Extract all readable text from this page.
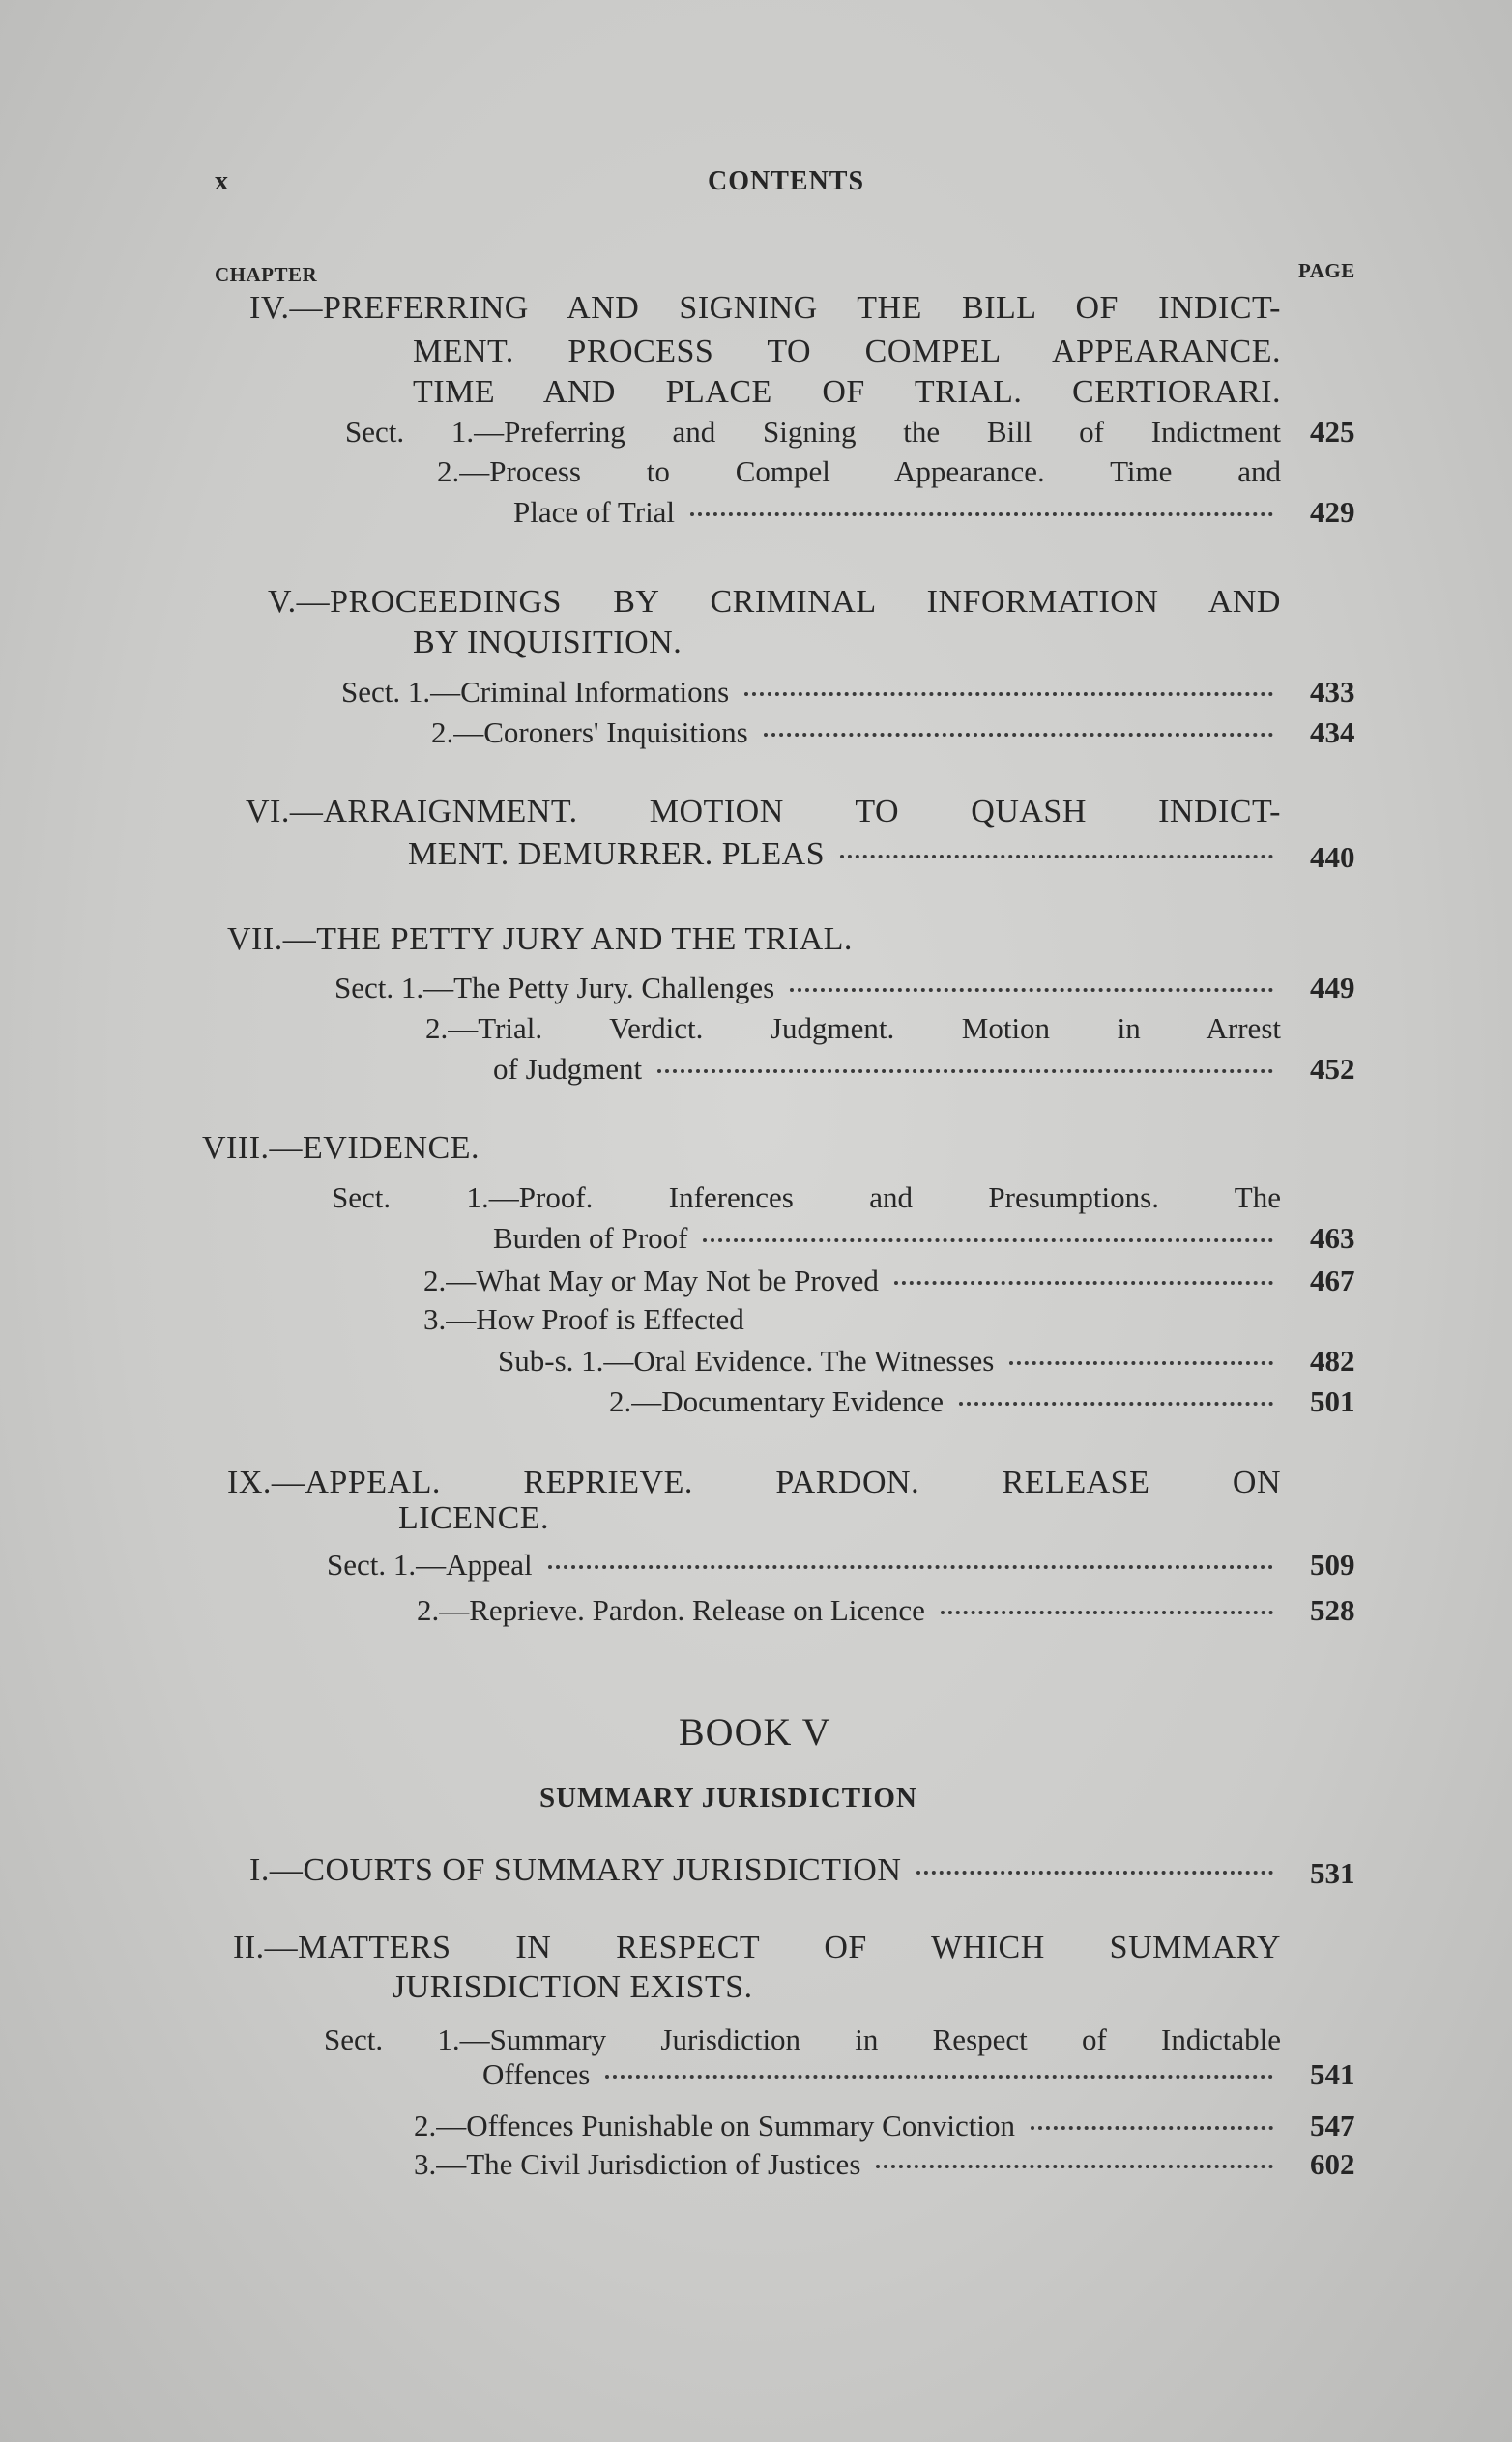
x	CONTENTS
CHAPTER	PAGE
BOOK V
SUMMARY JURISDICTION
IV.—PREFERRING AND SIGNING THE BILL OF INDICT-
MENT. PROCESS TO COMPEL APPEARANCE.
TIME AND PLACE OF TRIAL. CERTIORARI.
Sect. 1.—Preferring and Signing the Bill of Indictment 425
2.—Process to Compel Appearance. Time and
Place of Trial	429
V.—PROCEEDINGS BY CRIMINAL INFORMATION AND
BY INQUISITION.
Sect. 1.—Criminal Informations	433
2.—Coroners' Inquisitions	434
VI.—ARRAIGNMENT. MOTION TO QUASH INDICT-
MENT. DEMURRER. PLEAS	440
VII.—THE PETTY JURY AND THE TRIAL.
Sect. 1.—The Petty Jury. Challenges	449
2.—Trial. Verdict. Judgment. Motion in Arrest
of Judgment	452
VIII.—EVIDENCE.
Sect. 1.—Proof. Inferences and Presumptions. The
Burden of Proof	463
2.—What May or May Not be Proved	467
3.—How Proof is Effected
Sub-s. 1.—Oral Evidence. The Witnesses	482
2.—Documentary Evidence	501
IX.—APPEAL. REPRIEVE. PARDON. RELEASE ON
LICENCE.
Sect. 1.—Appeal	509
2.—Reprieve. Pardon. Release on Licence	528
I.—COURTS OF SUMMARY JURISDICTION	531
II.—MATTERS IN RESPECT OF WHICH SUMMARY
JURISDICTION EXISTS.
Sect. 1.—Summary Jurisdiction in Respect of Indictable
Offences	541
2.—Offences Punishable on Summary Conviction	547
3.—The Civil Jurisdiction of Justices	602
